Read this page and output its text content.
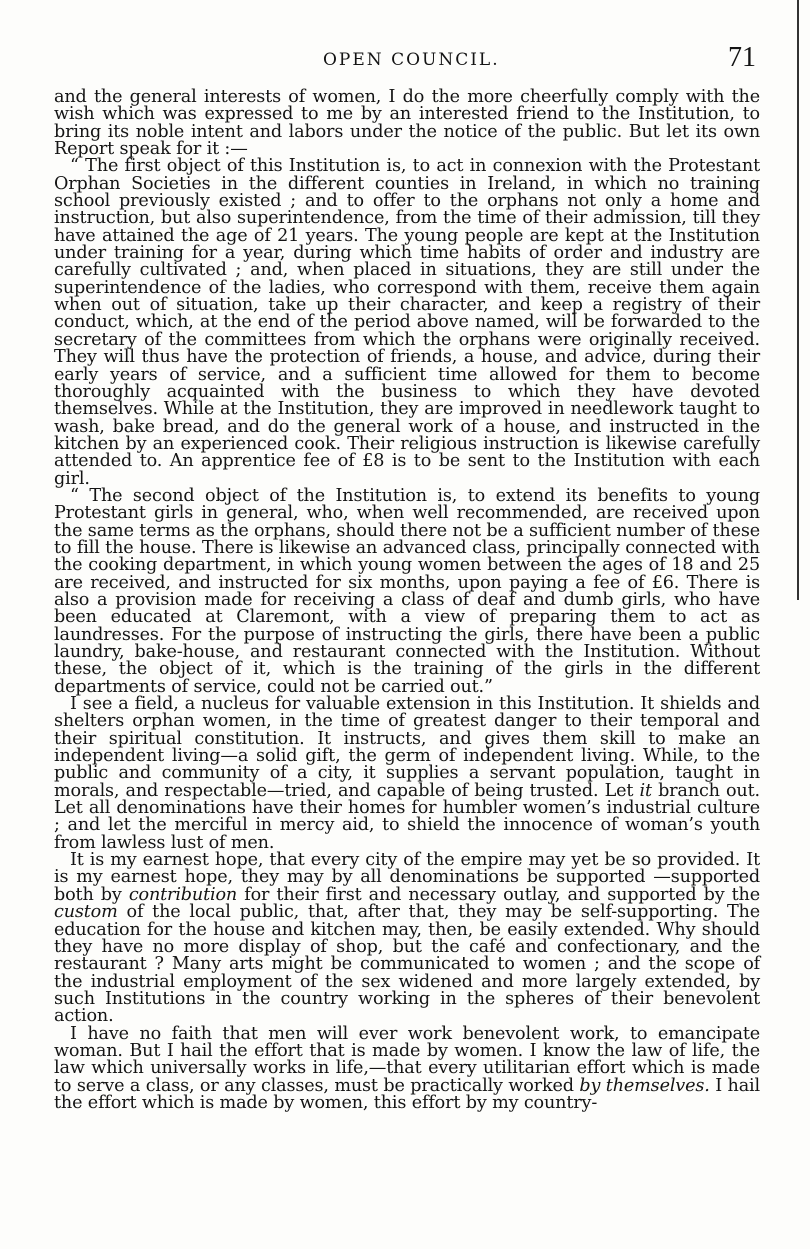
OPEN COUNCIL.	71

and the general interests of women, I do the more cheerfully comply with the wish which was expressed to me by an interested friend to the Institution, to bring its noble intent and labors under the notice of the public. But let its own Report speak for it :—

“ The first object of this Institution is, to act in connexion with the Protestant Orphan Societies in the different counties in Ireland, in which no training school previously existed ; and to offer to the orphans not only a home and instruction, but also superintendence, from the time of their admission, till they have attained the age of 21 years. The young people are kept at the Institution under training for a year, during which time habits of order and industry are carefully cultivated ; and, when placed in situations, they are still under the superintendence of the ladies, who correspond with them, receive them again when out of situation, take up their character, and keep a registry of their conduct, which, at the end of the period above named, will be forwarded to the secretary of the committees from which the orphans were originally received. They will thus have the protection of friends, a house, and advice, during their early years of service, and a sufficient time allowed for them to become thoroughly acquainted with the business to which they have devoted themselves. While at the Institution, they are improved in needlework taught to wash, bake bread, and do the general work of a house, and instructed in the kitchen by an experienced cook. Their religious instruction is likewise carefully attended to. An apprentice fee of £8 is to be sent to the Institution with each girl.

“ The second object of the Institution is, to extend its benefits to young Protestant girls in general, who, when well recommended, are received upon the same terms as the orphans, should there not be a sufficient number of these to fill the house. There is likewise an advanced class, principally connected with the cooking department, in which young women between the ages of 18 and 25 are received, and instructed for six months, upon paying a fee of £6. There is also a provision made for receiving a class of deaf and dumb girls, who have been educated at Claremont, with a view of preparing them to act as laundresses. For the purpose of instructing the girls, there have been a public laundry, bake-house, and restaurant connected with the Institution. Without these, the object of it, which is the training of the girls in the different departments of service, could not be carried out.”

I see a field, a nucleus for valuable extension in this Institution. It shields and shelters orphan women, in the time of greatest danger to their temporal and their spiritual constitution. It instructs, and gives them skill to make an independent living—a solid gift, the germ of independent living. While, to the public and community of a city, it supplies a servant population, taught in morals, and respectable—tried, and capable of being trusted. Let it branch out. Let all denominations have their homes for humbler women’s industrial culture ; and let the merciful in mercy aid, to shield the innocence of woman’s youth from lawless lust of men.

It is my earnest hope, that every city of the empire may yet be so provided. It is my earnest hope, they may by all denominations be supported —supported both by contribution for their first and necessary outlay, and supported by the custom of the local public, that, after that, they may be self-supporting. The education for the house and kitchen may, then, be easily extended. Why should they have no more display of shop, but the café and confectionary, and the restaurant ? Many arts might be communicated to women ; and the scope of the industrial employment of the sex widened and more largely extended, by such Institutions in the country working in the spheres of their benevolent action.

I have no faith that men will ever work benevolent work, to emancipate woman. But I hail the effort that is made by women. I know the law of life, the law which universally works in life,—that every utilitarian effort which is made to serve a class, or any classes, must be practically worked by themselves. I hail the effort which is made by women, this effort by my country-
